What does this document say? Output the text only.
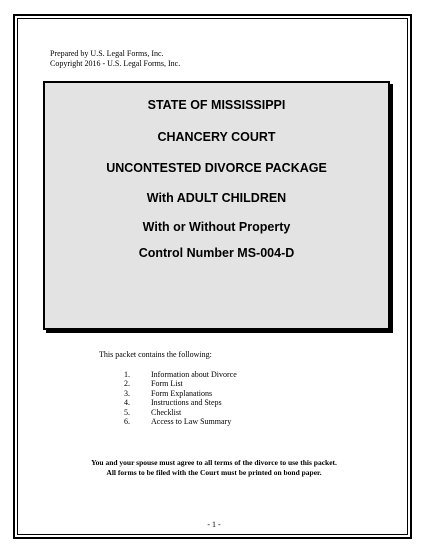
Prepared by U.S. Legal Forms, Inc.
Copyright 2016 - U.S. Legal Forms, Inc.
STATE OF MISSISSIPPI
CHANCERY COURT
UNCONTESTED DIVORCE PACKAGE
With ADULT CHILDREN
With or Without Property
Control Number MS-004-D
This packet contains the following:
1.	Information about Divorce
2.	Form List
3.	Form Explanations
4.	Instructions and Steps
5.	Checklist
6.	Access to Law Summary
You and your spouse must agree to all terms of the divorce to use this packet.
All forms to be filed with the Court must be printed on bond paper.
- 1 -
